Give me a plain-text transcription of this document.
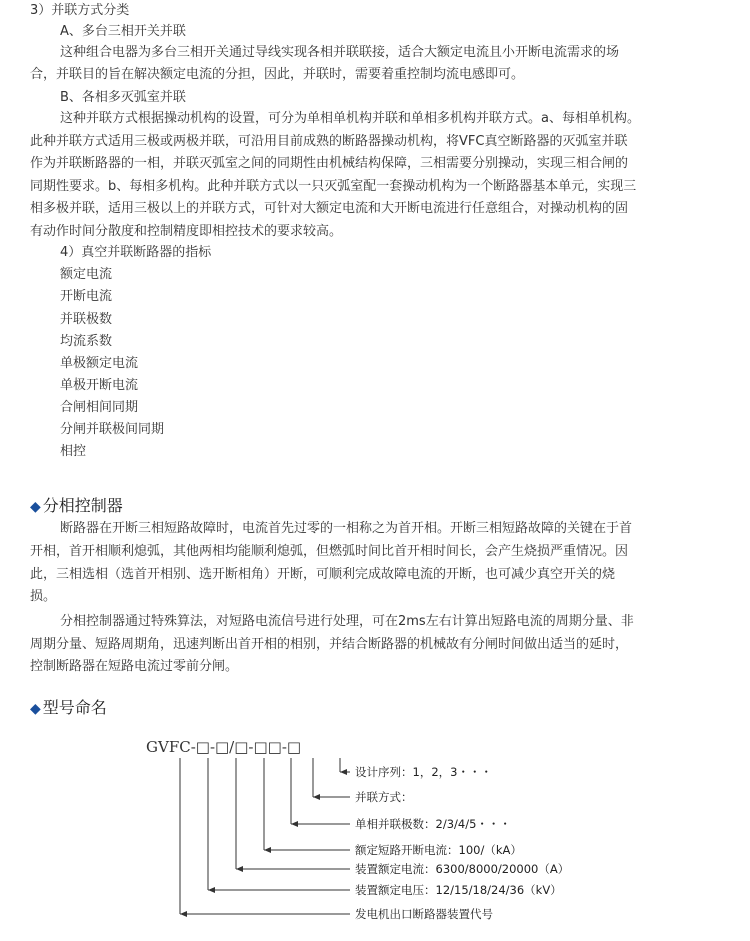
3）并联方式分类
A、多台三相开关并联
这种组合电器为多台三相开关通过导线实现各相并联联接，适合大额定电流且小开断电流需求的场
合，并联目的旨在解决额定电流的分担，因此，并联时，需要着重控制均流电感即可。
B、各相多灭弧室并联
这种并联方式根据操动机构的设置，可分为单相单机构并联和单相多机构并联方式。a、每相单机构。
此种并联方式适用三极或两极并联，可沿用目前成熟的断路器操动机构，将VFC真空断路器的灭弧室并联
作为并联断路器的一相，并联灭弧室之间的同期性由机械结构保障，三相需要分别操动，实现三相合闸的
同期性要求。b、每相多机构。此种并联方式以一只灭弧室配一套操动机构为一个断路器基本单元，实现三
相多极并联，适用三极以上的并联方式，可针对大额定电流和大开断电流进行任意组合，对操动机构的固
有动作时间分散度和控制精度即相控技术的要求较高。
4）真空并联断路器的指标
额定电流
开断电流
并联极数
均流系数
单极额定电流
单极开断电流
合闸相间同期
分闸并联极间同期
相控
◆ 分相控制器
断路器在开断三相短路故障时，电流首先过零的一相称之为首开相。开断三相短路故障的关键在于首
开相，首开相顺利熄弧，其他两相均能顺利熄弧，但燃弧时间比首开相时间长，会产生烧损严重情况。因
此，三相选相（选首开相别、选开断相角）开断，可顺利完成故障电流的开断，也可减少真空开关的烧
损。
分相控制器通过特殊算法，对短路电流信号进行处理，可在2ms左右计算出短路电流的周期分量、非
周期分量、短路周期角，迅速判断出首开相的相别，并结合断路器的机械故有分闸时间做出适当的延时，
控制断路器在短路电流过零前分闸。
◆ 型号命名
GVFC-□-□/□-□□-□
设计序列：1，2，3・・・
并联方式：
单相并联极数：2/3/4/5・・・
额定短路开断电流：100/（kA）
装置额定电流：6300/8000/20000（A）
装置额定电压：12/15/18/24/36（kV）
发电机出口断路器装置代号
